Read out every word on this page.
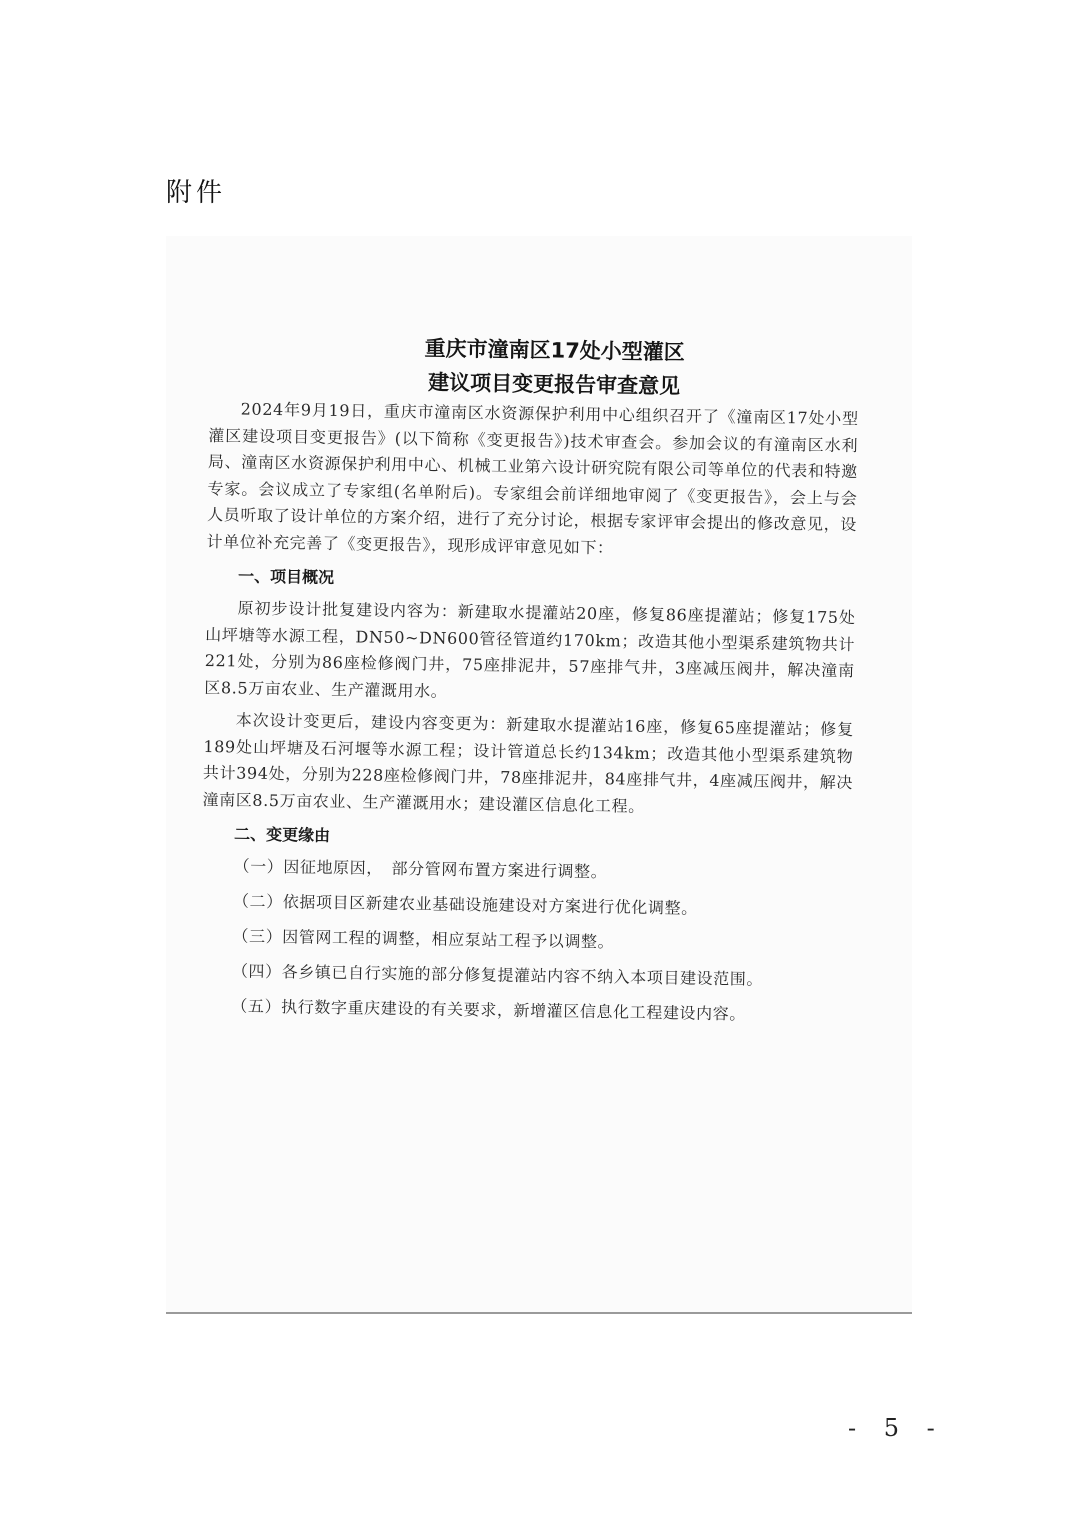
附件

重庆市潼南区17处小型灌区

建议项目变更报告审查意见

2024年9月19日，重庆市潼南区水资源保护利用中心组织召开了《潼南区17处小型灌区建设项目变更报告》(以下简称《变更报告》)技术审查会。参加会议的有潼南区水利局、潼南区水资源保护利用中心、机械工业第六设计研究院有限公司等单位的代表和特邀专家。会议成立了专家组(名单附后)。专家组会前详细地审阅了《变更报告》，会上与会人员听取了设计单位的方案介绍，进行了充分讨论，根据专家评审会提出的修改意见，设计单位补充完善了《变更报告》，现形成评审意见如下：

一、项目概况

原初步设计批复建设内容为：新建取水提灌站20座，修复86座提灌站；修复175处山坪塘等水源工程，DN50~DN600管径管道约170km；改造其他小型渠系建筑物共计221处，分别为86座检修阀门井，75座排泥井，57座排气井，3座减压阀井，解决潼南区8.5万亩农业、生产灌溉用水。

本次设计变更后，建设内容变更为：新建取水提灌站16座，修复65座提灌站；修复189处山坪塘及石河堰等水源工程；设计管道总长约134km；改造其他小型渠系建筑物共计394处，分别为228座检修阀门井，78座排泥井，84座排气井，4座减压阀井，解决潼南区8.5万亩农业、生产灌溉用水；建设灌区信息化工程。

二、变更缘由

（一）因征地原因，　部分管网布置方案进行调整。

（二）依据项目区新建农业基础设施建设对方案进行优化调整。

（三）因管网工程的调整，相应泵站工程予以调整。

（四）各乡镇已自行实施的部分修复提灌站内容不纳入本项目建设范围。

（五）执行数字重庆建设的有关要求，新增灌区信息化工程建设内容。

- 5 -
